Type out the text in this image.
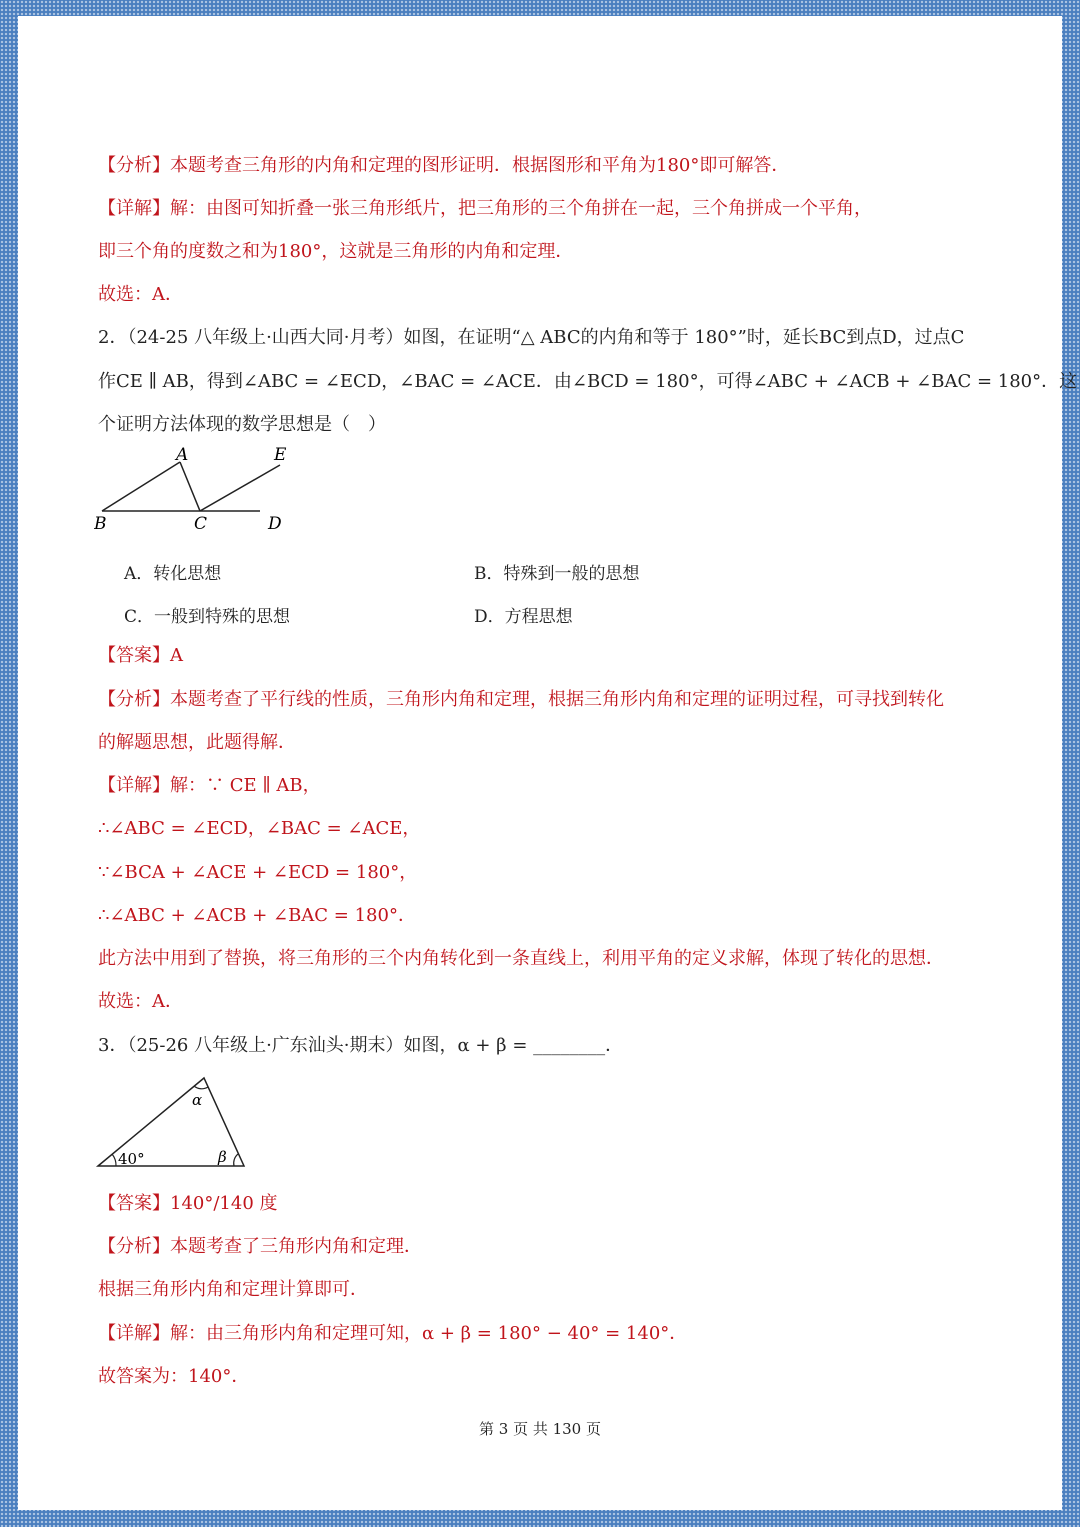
【分析】本题考查三角形的内角和定理的图形证明．根据图形和平角为180°即可解答．
【详解】解：由图可知折叠一张三角形纸片，把三角形的三个角拼在一起，三个角拼成一个平角，
即三个角的度数之和为180°，这就是三角形的内角和定理．
故选：A．
2．（24-25 八年级上·山西大同·月考）如图，在证明“△ ABC的内角和等于 180°”时，延长BC到点D，过点C
作CE ∥ AB，得到∠ABC = ∠ECD，∠BAC = ∠ACE．由∠BCD = 180°，可得∠ABC + ∠ACB + ∠BAC = 180°．这
个证明方法体现的数学思想是（　）
A
B	C	D
E
A．转化思想	B．特殊到一般的思想
C．一般到特殊的思想	D．方程思想
【答案】A
【分析】本题考查了平行线的性质，三角形内角和定理，根据三角形内角和定理的证明过程，可寻找到转化
的解题思想，此题得解．
【详解】解：∵ CE ∥ AB，
∴∠ABC = ∠ECD，∠BAC = ∠ACE，
∵∠BCA + ∠ACE + ∠ECD = 180°，
∴∠ABC + ∠ACB + ∠BAC = 180°．
此方法中用到了替换，将三角形的三个内角转化到一条直线上，利用平角的定义求解，体现了转化的思想．
故选：A．
3．（25-26 八年级上·广东汕头·期末）如图，α + β = ________．
40°
α
β
【答案】140°/140 度
【分析】本题考查了三角形内角和定理．
根据三角形内角和定理计算即可．
【详解】解：由三角形内角和定理可知，α + β = 180° − 40° = 140°．
故答案为：140°．
第 3 页 共 130 页
